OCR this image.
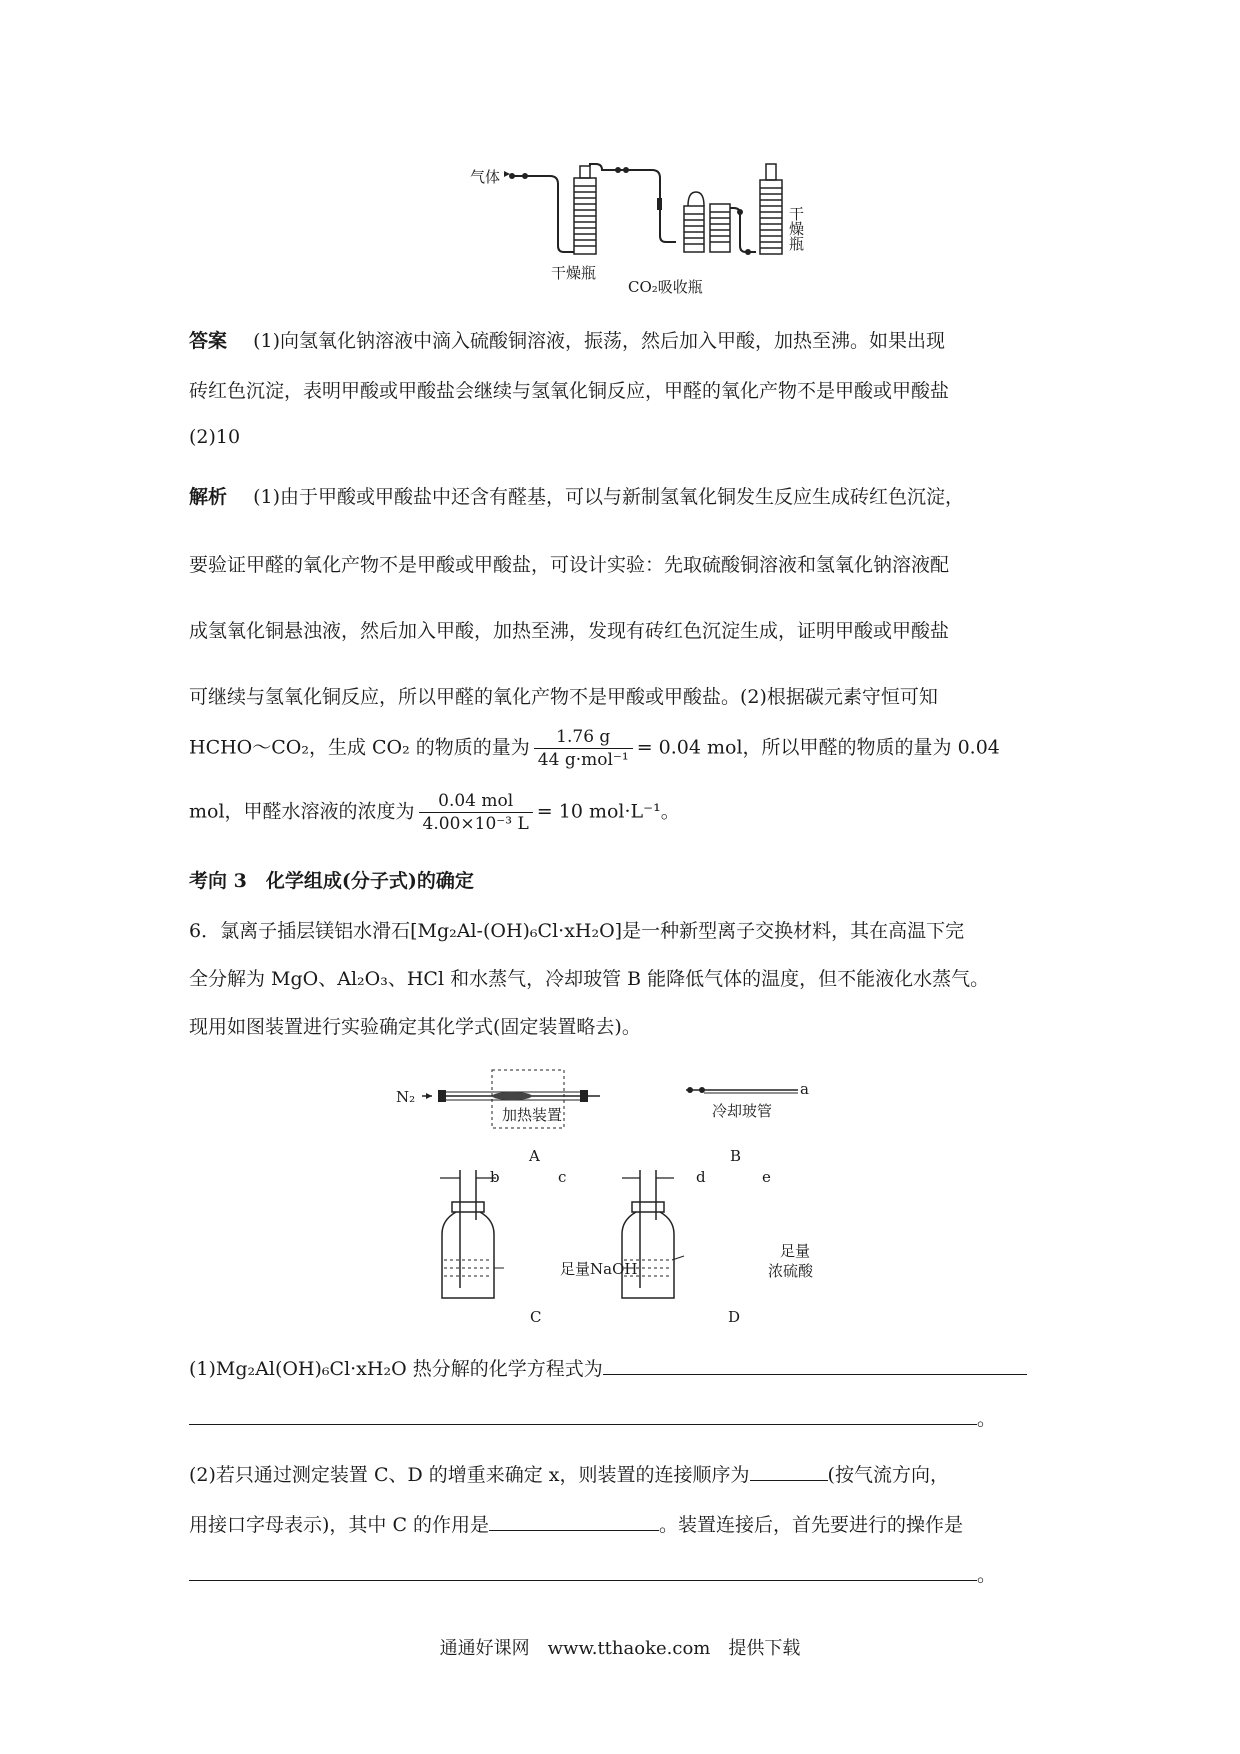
气体
干燥瓶
CO₂吸收瓶
干燥瓶
答案 (1)向氢氧化钠溶液中滴入硫酸铜溶液，振荡，然后加入甲酸，加热至沸。如果出现
砖红色沉淀，表明甲酸或甲酸盐会继续与氢氧化铜反应，甲醛的氧化产物不是甲酸或甲酸盐
(2)10
解析 (1)由于甲酸或甲酸盐中还含有醛基，可以与新制氢氧化铜发生反应生成砖红色沉淀，
要验证甲醛的氧化产物不是甲酸或甲酸盐，可设计实验：先取硫酸铜溶液和氢氧化钠溶液配
成氢氧化铜悬浊液，然后加入甲酸，加热至沸，发现有砖红色沉淀生成，证明甲酸或甲酸盐
可继续与氢氧化铜反应，所以甲醛的氧化产物不是甲酸或甲酸盐。(2)根据碳元素守恒可知
HCHO～CO₂，生成 CO₂ 的物质的量为 $\frac{1.76 g}{\text{44 g·mol⁻¹}} = 0.04$ mol，所以甲醛的物质的量为 0.04
mol，甲醛水溶液的浓度为 $\frac{\text{0.04 mol}}{\text{4.00×10⁻³ L}} = 10$ mol·L⁻¹。
考向 3　化学组成(分子式)的确定
6．氯离子插层镁铝水滑石[Mg₂Al-(OH)₆Cl·xH₂O]是一种新型离子交换材料，其在高温下完
全分解为 MgO、Al₂O₃、HCl 和水蒸气，冷却玻管 B 能降低气体的温度，但不能液化水蒸气。
现用如图装置进行实验确定其化学式(固定装置略去)。
N₂
加热装置
A
a
冷却玻管
B
b	c
足量NaOH
C
d	e
足量
浓硫酸
D
(1)Mg₂Al(OH)₆Cl·xH₂O 热分解的化学方程式为
。
(2)若只通过测定装置 C、D 的增重来确定 x，则装置的连接顺序为	(按气流方向，
用接口字母表示)，其中 C 的作用是	。装置连接后，首先要进行的操作是
。
通通好课网　www.tthaoke.com　提供下载
